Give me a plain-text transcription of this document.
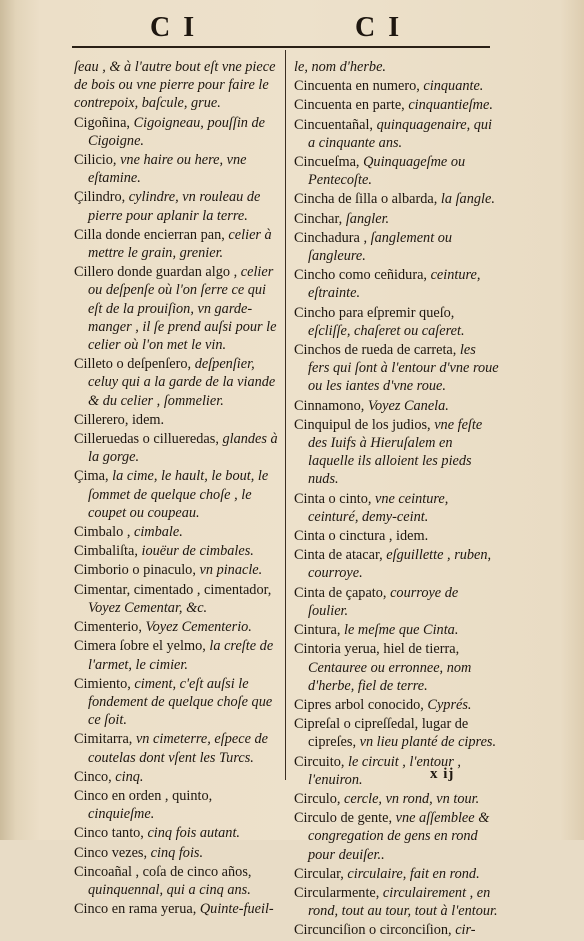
C I	C I
ſeau , & à l'autre bout eſt vne piece de bois ou vne pierre pour faire le contrepoix, baſcule, grue.
Cigoñina, Cigoigneau, pouſſin de Cigoigne.
Cilicio, vne haire ou here, vne eſtamine.
Çilindro, cylindre, vn rouleau de pierre pour aplanir la terre.
Cilla donde encierran pan, celier à mettre le grain, grenier.
Cillero donde guardan algo , celier ou deſpenſe où l'on ſerre ce qui eſt de la prouiſion, vn garde-manger , il ſe prend auſsi pour le celier où l'on met le vin.
Cilleto o deſpenſero, deſpenſier, celuy qui a la garde de la viande & du celier , ſommelier.
Cillerero, idem.
Cilleruedas o cillueredas, glandes à la gorge.
Çima, la cime, le hault, le bout, le ſommet de quelque choſe , le coupet ou coupeau.
Cimbalo , cimbale.
Cimbaliſta, iouëur de cimbales.
Cimborio o pinaculo, vn pinacle.
Cimentar, cimentado , cimentador, Voyez Cementar, &c.
Cimenterio, Voyez Cementerio.
Cimera ſobre el yelmo, la creſte de l'armet, le cimier.
Cimiento, ciment, c'eſt auſsi le fondement de quelque choſe que ce ſoit.
Cimitarra, vn cimeterre, eſpece de coutelas dont vſent les Turcs.
Cinco, cinq.
Cinco en orden , quinto, cinquieſme.
Cinco tanto, cinq fois autant.
Cinco vezes, cinq fois.
Cincoañal , coſa de cinco años, quinquennal, qui a cinq ans.
Cinco en rama yerua, Quinte-fueil-
le, nom d'herbe.
Cincuenta en numero, cinquante.
Cincuenta en parte, cinquantieſme.
Cincuentañal, quinquagenaire, qui a cinquante ans.
Cincueſma, Quinquageſme ou Pentecoſte.
Cincha de ſilla o albarda, la ſangle.
Cinchar, ſangler.
Cinchadura , ſanglement ou ſangleure.
Cincho como ceñidura, ceinture, eſtrainte.
Cincho para eſpremir queſo, eſcliſſe, chaſeret ou caſeret.
Cinchos de rueda de carreta, les fers qui ſont à l'entour d'vne roue ou les iantes d'vne roue.
Cinnamono, Voyez Canela.
Cinquipul de los judios, vne feſte des Iuifs à Hieruſalem en laquelle ils alloient les pieds nuds.
Cinta o cinto, vne ceinture, ceinturé, demy-ceint.
Cinta o cinctura , idem.
Cinta de atacar, eſguillette , ruben, courroye.
Cinta de çapato, courroye de ſoulier.
Cintura, le meſme que Cinta.
Cintoria yerua, hiel de tierra, Centauree ou erronnee, nom d'herbe, fiel de terre.
Cipres arbol conocido, Cyprés.
Cipreſal o cipreſſedal, lugar de cipreſes, vn lieu planté de cipres.
Circuito, le circuit , l'entour , l'enuiron.
Circulo, cercle, vn rond, vn tour.
Circulo de gente, vne aſſemblee & congregation de gens en rond pour deuiſer..
Circular, circulaire, fait en rond.
Circularmente, circulairement , en rond, tout au tour, tout à l'entour.
Circunciſion o circonciſion, cir-
x ij
